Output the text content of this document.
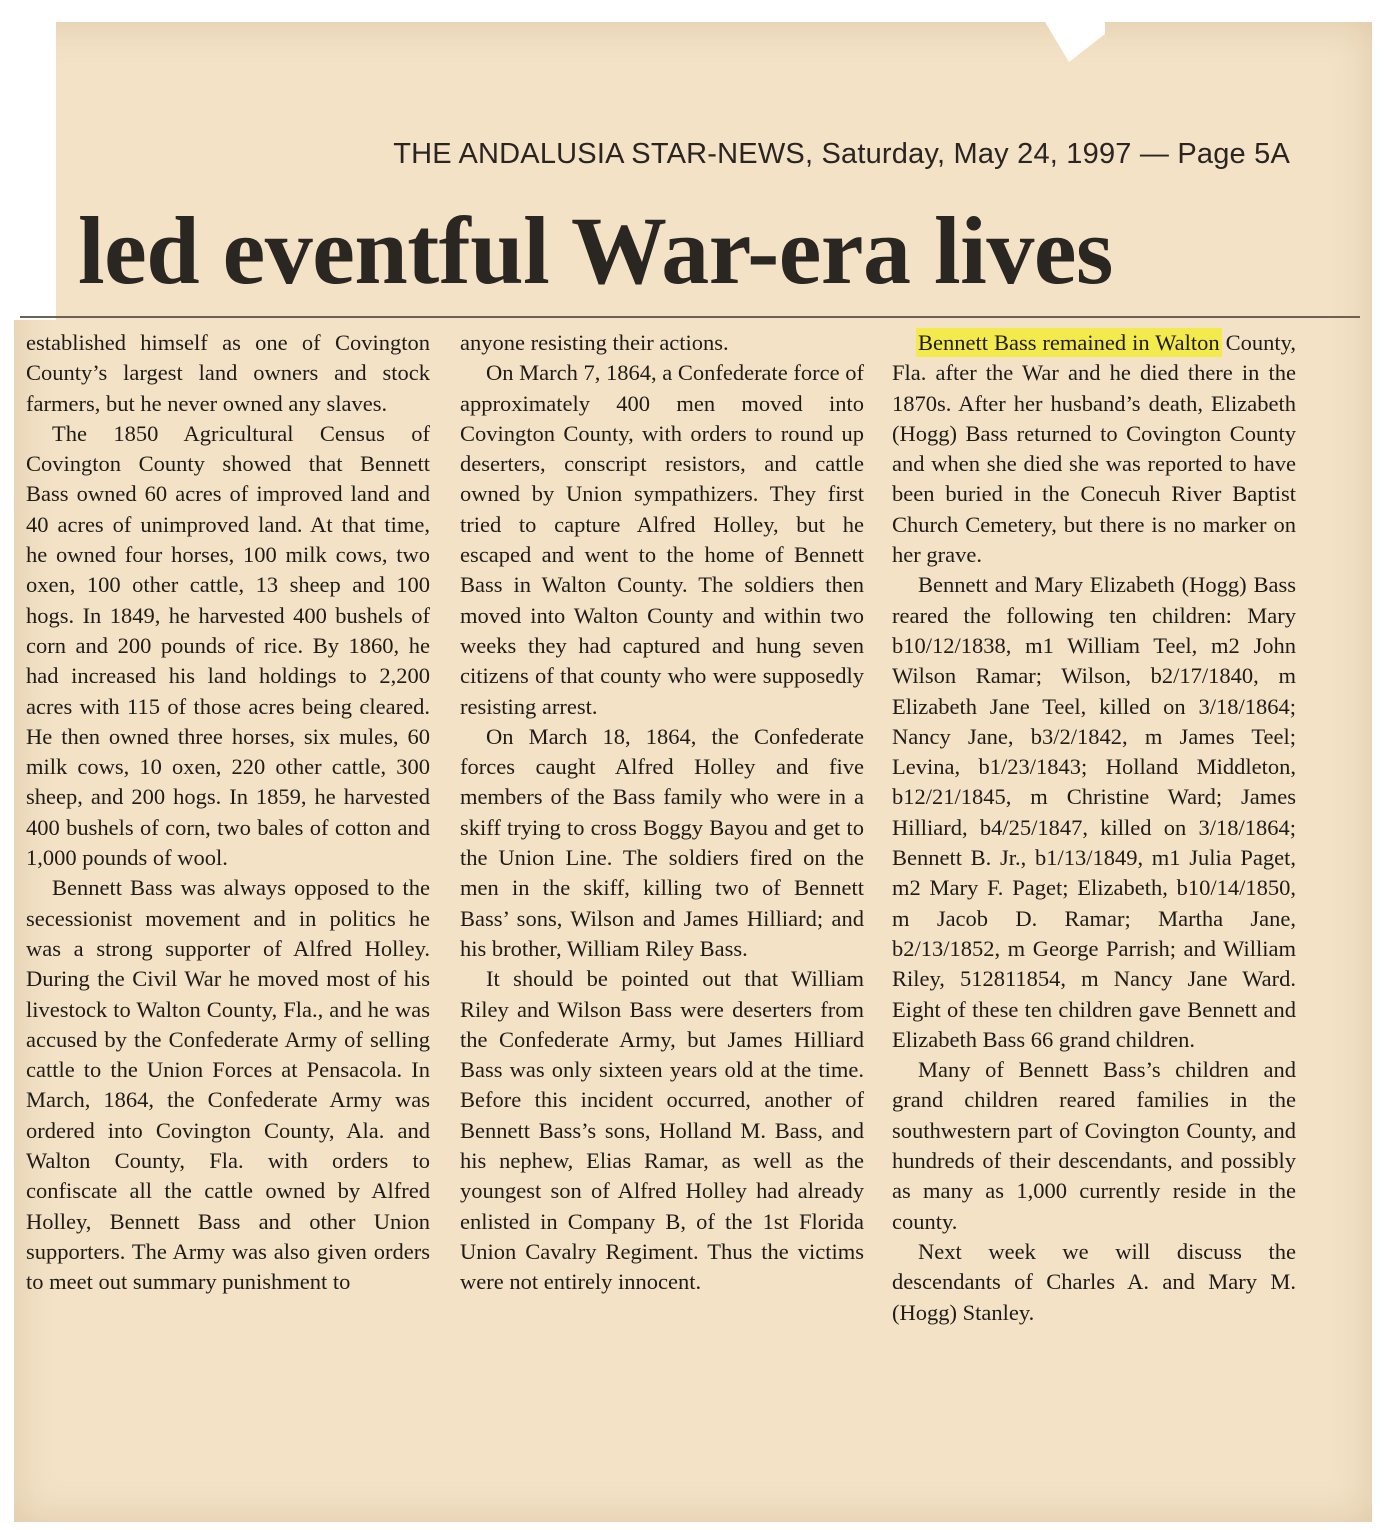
THE ANDALUSIA STAR-NEWS, Saturday, May 24, 1997 — Page 5A
led eventful War-era lives

established himself as one of Covington County’s largest land owners and stock farmers, but he never owned any slaves.

The 1850 Agricultural Census of Covington County showed that Bennett Bass owned 60 acres of improved land and 40 acres of unimproved land. At that time, he owned four horses, 100 milk cows, two oxen, 100 other cattle, 13 sheep and 100 hogs. In 1849, he harvested 400 bushels of corn and 200 pounds of rice. By 1860, he had increased his land holdings to 2,200 acres with 115 of those acres being cleared. He then owned three horses, six mules, 60 milk cows, 10 oxen, 220 other cattle, 300 sheep, and 200 hogs. In 1859, he harvested 400 bushels of corn, two bales of cotton and 1,000 pounds of wool.

Bennett Bass was always opposed to the secessionist movement and in politics he was a strong supporter of Alfred Holley. During the Civil War he moved most of his livestock to Walton County, Fla., and he was accused by the Confederate Army of selling cattle to the Union Forces at Pensacola. In March, 1864, the Confederate Army was ordered into Covington County, Ala. and Walton County, Fla. with orders to confiscate all the cattle owned by Alfred Holley, Bennett Bass and other Union supporters. The Army was also given orders to meet out summary punishment to

anyone resisting their actions.

On March 7, 1864, a Confederate force of approximately 400 men moved into Covington County, with orders to round up deserters, conscript resistors, and cattle owned by Union sympathizers. They first tried to capture Alfred Holley, but he escaped and went to the home of Bennett Bass in Walton County. The soldiers then moved into Walton County and within two weeks they had captured and hung seven citizens of that county who were supposedly resisting arrest.

On March 18, 1864, the Confederate forces caught Alfred Holley and five members of the Bass family who were in a skiff trying to cross Boggy Bayou and get to the Union Line. The soldiers fired on the men in the skiff, killing two of Bennett Bass’ sons, Wilson and James Hilliard; and his brother, William Riley Bass.

It should be pointed out that William Riley and Wilson Bass were deserters from the Confederate Army, but James Hilliard Bass was only sixteen years old at the time. Before this incident occurred, another of Bennett Bass’s sons, Holland M. Bass, and his nephew, Elias Ramar, as well as the youngest son of Alfred Holley had already enlisted in Company B, of the 1st Florida Union Cavalry Regiment. Thus the victims were not entirely innocent.

Bennett Bass remained in Walton County, Fla. after the War and he died there in the 1870s. After her husband’s death, Elizabeth (Hogg) Bass returned to Covington County and when she died she was reported to have been buried in the Conecuh River Baptist Church Cemetery, but there is no marker on her grave.

Bennett and Mary Elizabeth (Hogg) Bass reared the following ten children: Mary b10/12/1838, m1 William Teel, m2 John Wilson Ramar; Wilson, b2/17/1840, m Elizabeth Jane Teel, killed on 3/18/1864; Nancy Jane, b3/2/1842, m James Teel; Levina, b1/23/1843; Holland Middleton, b12/21/1845, m Christine Ward; James Hilliard, b4/25/1847, killed on 3/18/1864; Bennett B. Jr., b1/13/1849, m1 Julia Paget, m2 Mary F. Paget; Elizabeth, b10/14/1850, m Jacob D. Ramar; Martha Jane, b2/13/1852, m George Parrish; and William Riley, 512811854, m Nancy Jane Ward. Eight of these ten children gave Bennett and Elizabeth Bass 66 grand children.

Many of Bennett Bass’s children and grand children reared families in the southwestern part of Covington County, and hundreds of their descendants, and possibly as many as 1,000 currently reside in the county.

Next week we will discuss the descendants of Charles A. and Mary M. (Hogg) Stanley.
